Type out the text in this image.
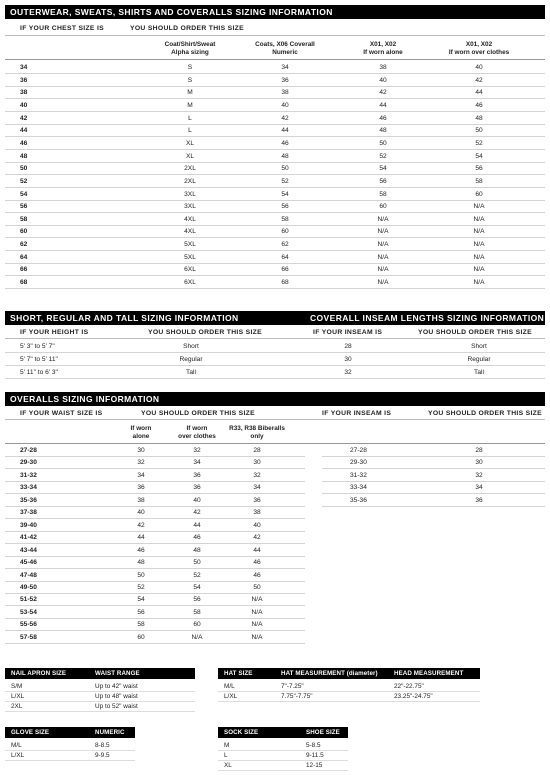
OUTERWEAR, SWEATS, SHIRTS AND COVERALLS SIZING INFORMATION
IF YOUR CHEST SIZE IS	YOU SHOULD ORDER THIS SIZE
Coat/Shirt/Sweat
Alpha sizing
Coats, X06 Coverall
Numeric
X01, X02
If worn alone
X01, X02
If worn over clothes
34	S	34	38	40
36	S	36	40	42
38	M	38	42	44
40	M	40	44	46
42	L	42	46	48
44	L	44	48	50
46	XL	46	50	52
48	XL	48	52	54
50	2XL	50	54	56
52	2XL	52	56	58
54	3XL	54	58	60
56	3XL	56	60	N/A
58	4XL	58	N/A	N/A
60	4XL	60	N/A	N/A
62	5XL	62	N/A	N/A
64	5XL	64	N/A	N/A
66	6XL	66	N/A	N/A
68	6XL	68	N/A	N/A
SHORT, REGULAR AND TALL SIZING INFORMATION	COVERALL INSEAM LENGTHS SIZING INFORMATION
IF YOUR HEIGHT IS	YOU SHOULD ORDER THIS SIZE	IF YOUR INSEAM IS	YOU SHOULD ORDER THIS SIZE
5' 3" to 5' 7"	Short	28	Short
5' 7" to 5' 11"	Regular	30	Regular
5' 11" to 6' 3"	Tall	32	Tall
OVERALLS SIZING INFORMATION
IF YOUR WAIST SIZE IS	YOU SHOULD ORDER THIS SIZE	IF YOUR INSEAM IS	YOU SHOULD ORDER THIS SIZE
If worn
alone
If worn
over clothes
R33, R38 Biberalls
only
27-28	30	32	28	27-28	28
29-30	32	34	30	29-30	30
31-32	34	36	32	31-32	32
33-34	36	36	34	33-34	34
35-36	38	40	36	35-36	36
37-38	40	42	38
39-40	42	44	40
41-42	44	46	42
43-44	46	48	44
45-46	48	50	46
47-48	50	52	46
49-50	52	54	50
51-52	54	56	N/A
53-54	56	58	N/A
55-56	58	60	N/A
57-58	60	N/A	N/A
NAIL APRON SIZE	WAIST RANGE
S/M	Up to 42" waist
L/XL	Up to 48" waist
2XL	Up to 52" waist
HAT SIZE	HAT MEASUREMENT (diameter)	HEAD MEASUREMENT
M/L	7"-7.25"	22"-22.75"
L/XL	7.75"-7.75"	23.25"-24.75"
GLOVE SIZE	NUMERIC
M/L	8-8.5
L/XL	9-9.5
SOCK SIZE	SHOE SIZE
M	5-8.5
L	9-11.5
XL	12-15
